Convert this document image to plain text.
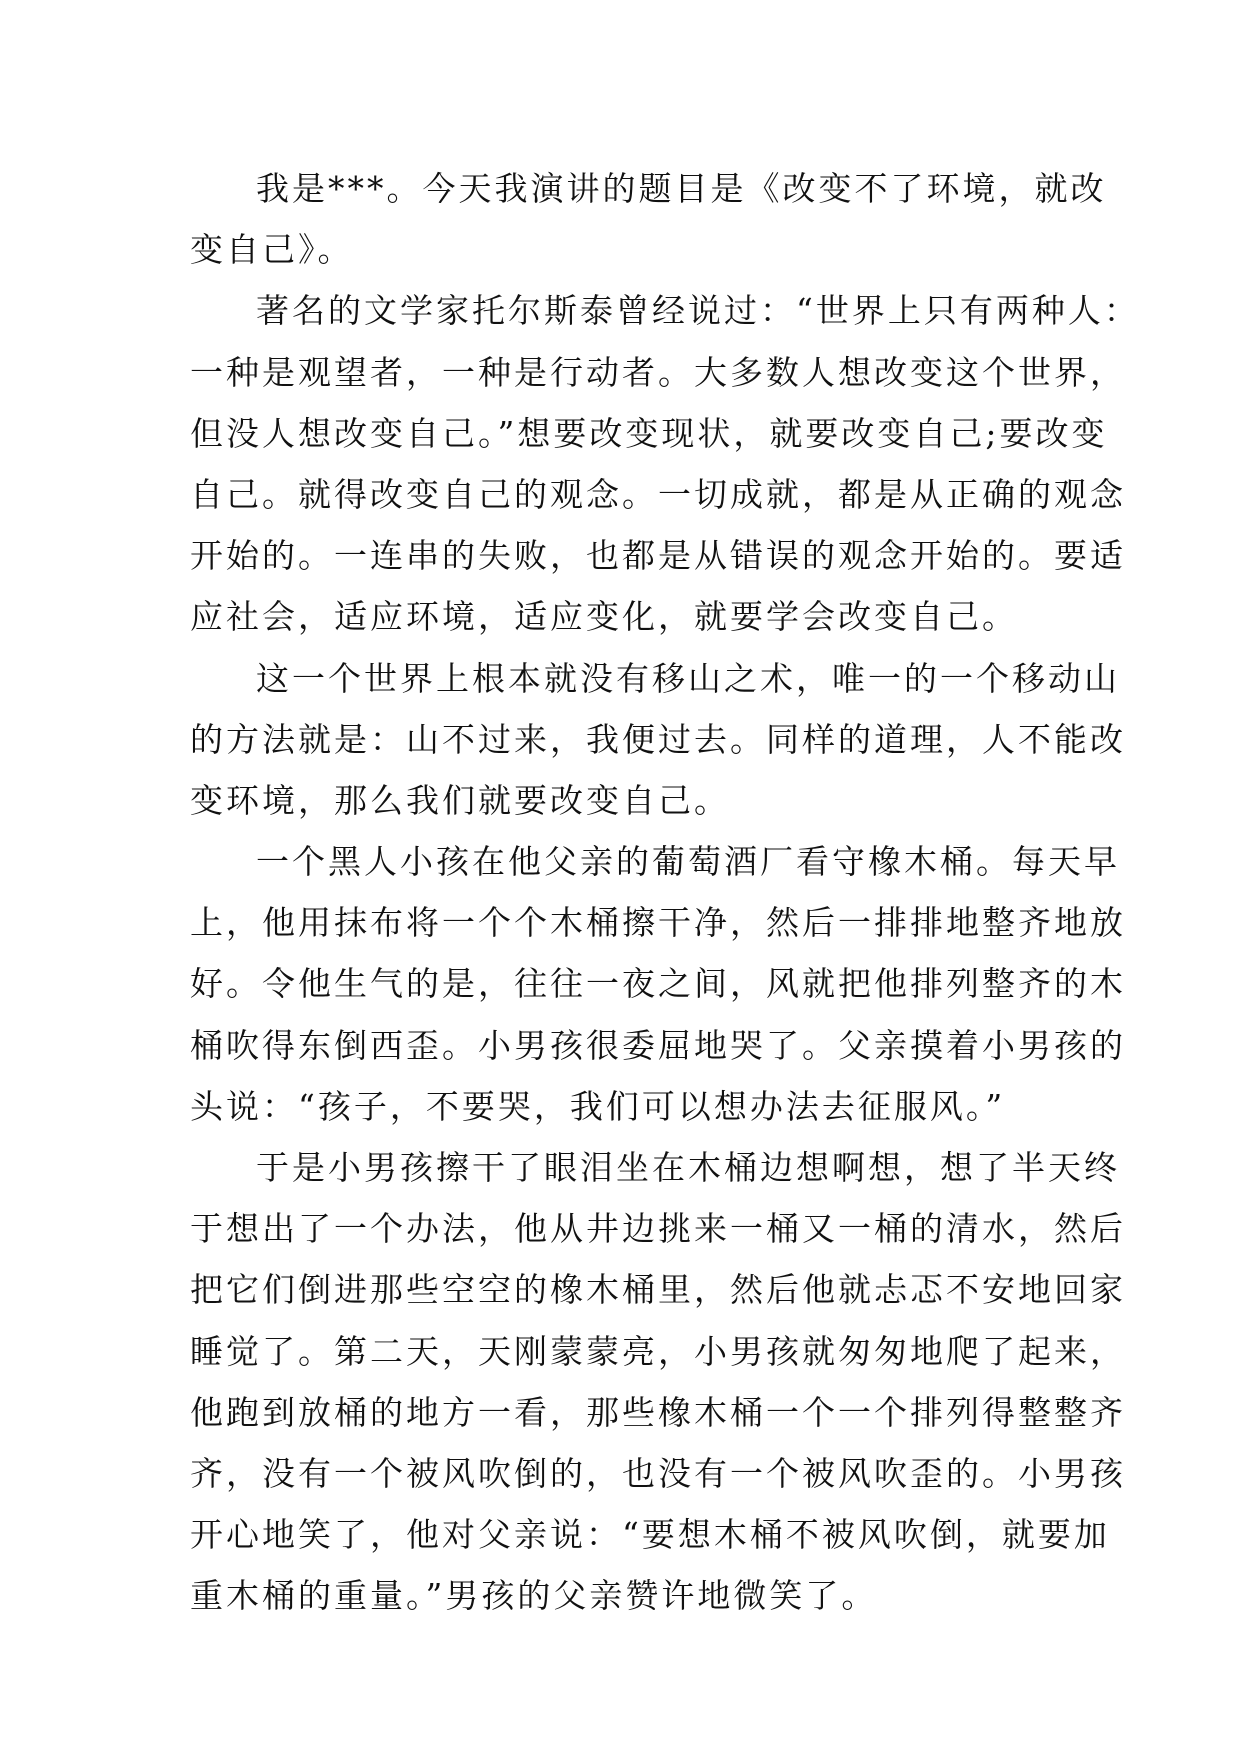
我是***。今天我演讲的题目是《改变不了环境，就改
变自己》。
著名的文学家托尔斯泰曾经说过：“世界上只有两种人：
一种是观望者，一种是行动者。大多数人想改变这个世界，
但没人想改变自己。”想要改变现状，就要改变自己;要改变
自己。就得改变自己的观念。一切成就，都是从正确的观念
开始的。一连串的失败，也都是从错误的观念开始的。要适
应社会，适应环境，适应变化，就要学会改变自己。
这一个世界上根本就没有移山之术，唯一的一个移动山
的方法就是：山不过来，我便过去。同样的道理，人不能改
变环境，那么我们就要改变自己。
一个黑人小孩在他父亲的葡萄酒厂看守橡木桶。每天早
上，他用抹布将一个个木桶擦干净，然后一排排地整齐地放
好。令他生气的是，往往一夜之间，风就把他排列整齐的木
桶吹得东倒西歪。小男孩很委屈地哭了。父亲摸着小男孩的
头说：“孩子，不要哭，我们可以想办法去征服风。”
于是小男孩擦干了眼泪坐在木桶边想啊想，想了半天终
于想出了一个办法，他从井边挑来一桶又一桶的清水，然后
把它们倒进那些空空的橡木桶里，然后他就忐忑不安地回家
睡觉了。第二天，天刚蒙蒙亮，小男孩就匆匆地爬了起来，
他跑到放桶的地方一看，那些橡木桶一个一个排列得整整齐
齐，没有一个被风吹倒的，也没有一个被风吹歪的。小男孩
开心地笑了，他对父亲说：“要想木桶不被风吹倒，就要加
重木桶的重量。”男孩的父亲赞许地微笑了。
